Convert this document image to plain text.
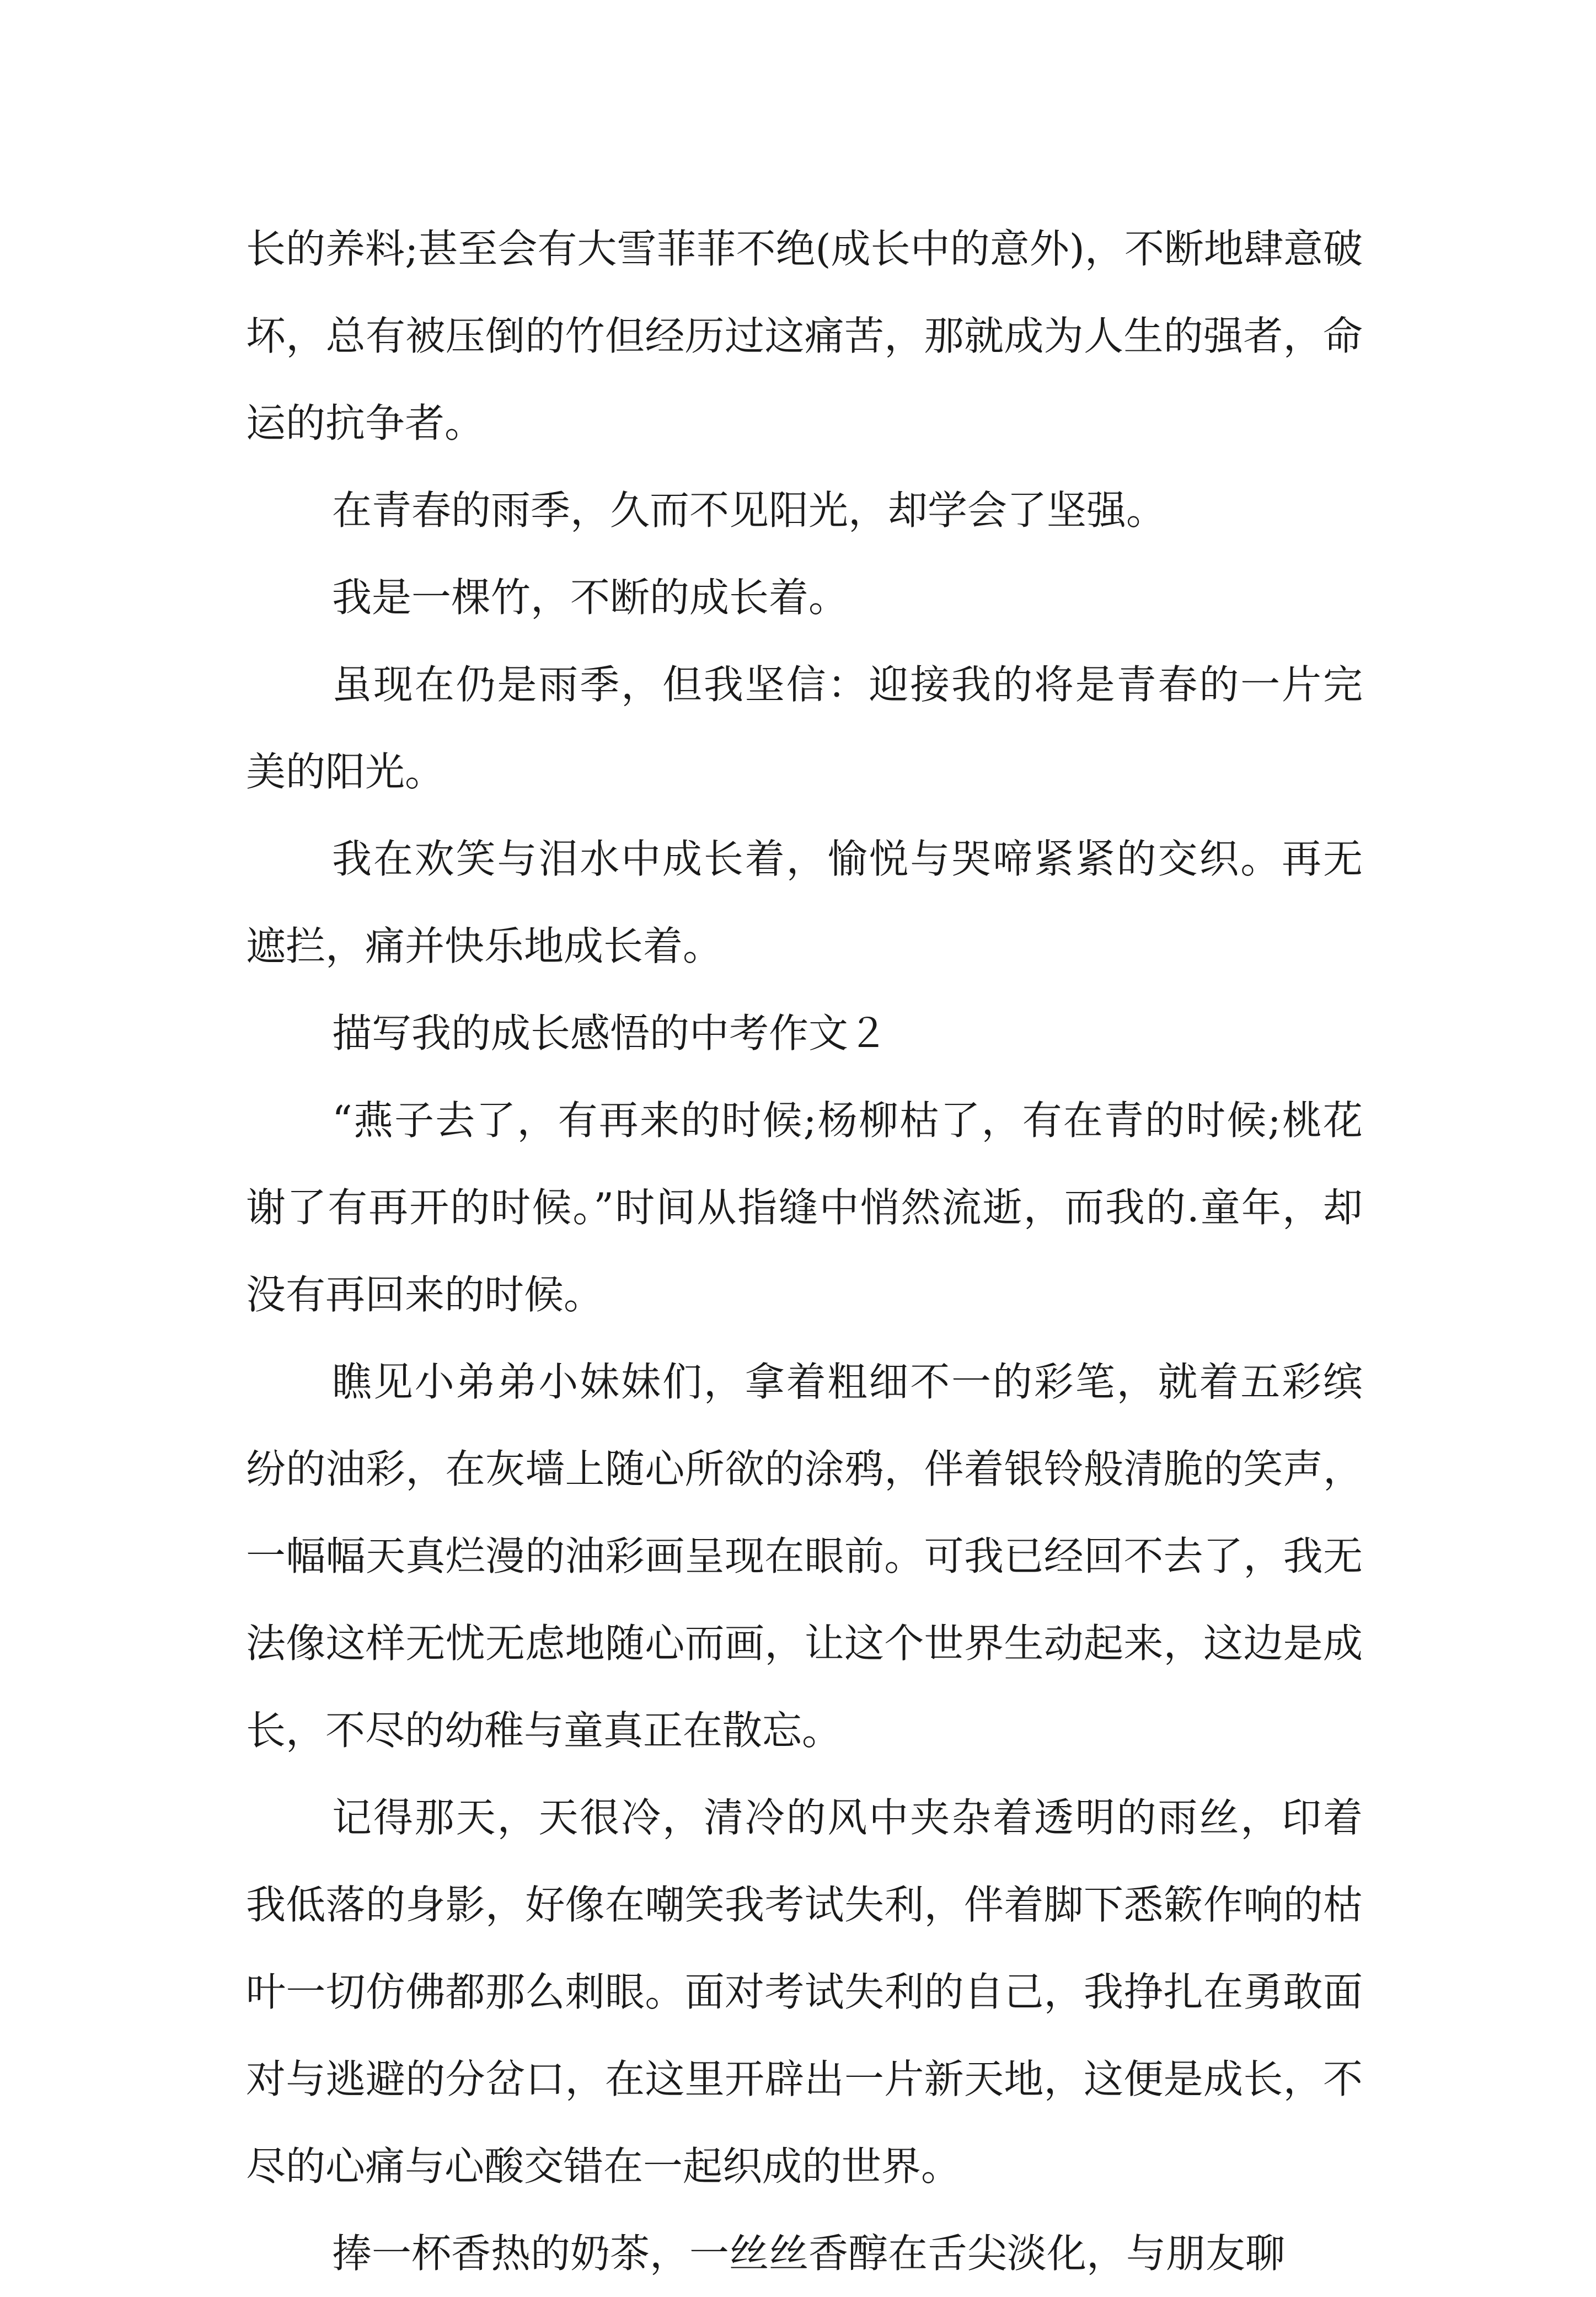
长的养料;甚至会有大雪菲菲不绝(成长中的意外)，不断地肆意破坏，总有被压倒的竹但经历过这痛苦，那就成为人生的强者，命运的抗争者。

在青春的雨季，久而不见阳光，却学会了坚强。

我是一棵竹，不断的成长着。

虽现在仍是雨季，但我坚信：迎接我的将是青春的一片完美的阳光。

我在欢笑与泪水中成长着，愉悦与哭啼紧紧的交织。再无遮拦，痛并快乐地成长着。

描写我的成长感悟的中考作文２

“燕子去了，有再来的时候;杨柳枯了，有在青的时候;桃花谢了有再开的时候。”时间从指缝中悄然流逝，而我的.童年，却没有再回来的时候。

瞧见小弟弟小妹妹们，拿着粗细不一的彩笔，就着五彩缤纷的油彩，在灰墙上随心所欲的涂鸦，伴着银铃般清脆的笑声，一幅幅天真烂漫的油彩画呈现在眼前。可我已经回不去了，我无法像这样无忧无虑地随心而画，让这个世界生动起来，这边是成长，不尽的幼稚与童真正在散忘。

记得那天，天很冷，清冷的风中夹杂着透明的雨丝，印着我低落的身影，好像在嘲笑我考试失利，伴着脚下悉簌作响的枯叶一切仿佛都那么刺眼。面对考试失利的自己，我挣扎在勇敢面对与逃避的分岔口，在这里开辟出一片新天地，这便是成长，不尽的心痛与心酸交错在一起织成的世界。

捧一杯香热的奶茶，一丝丝香醇在舌尖淡化，与朋友聊
